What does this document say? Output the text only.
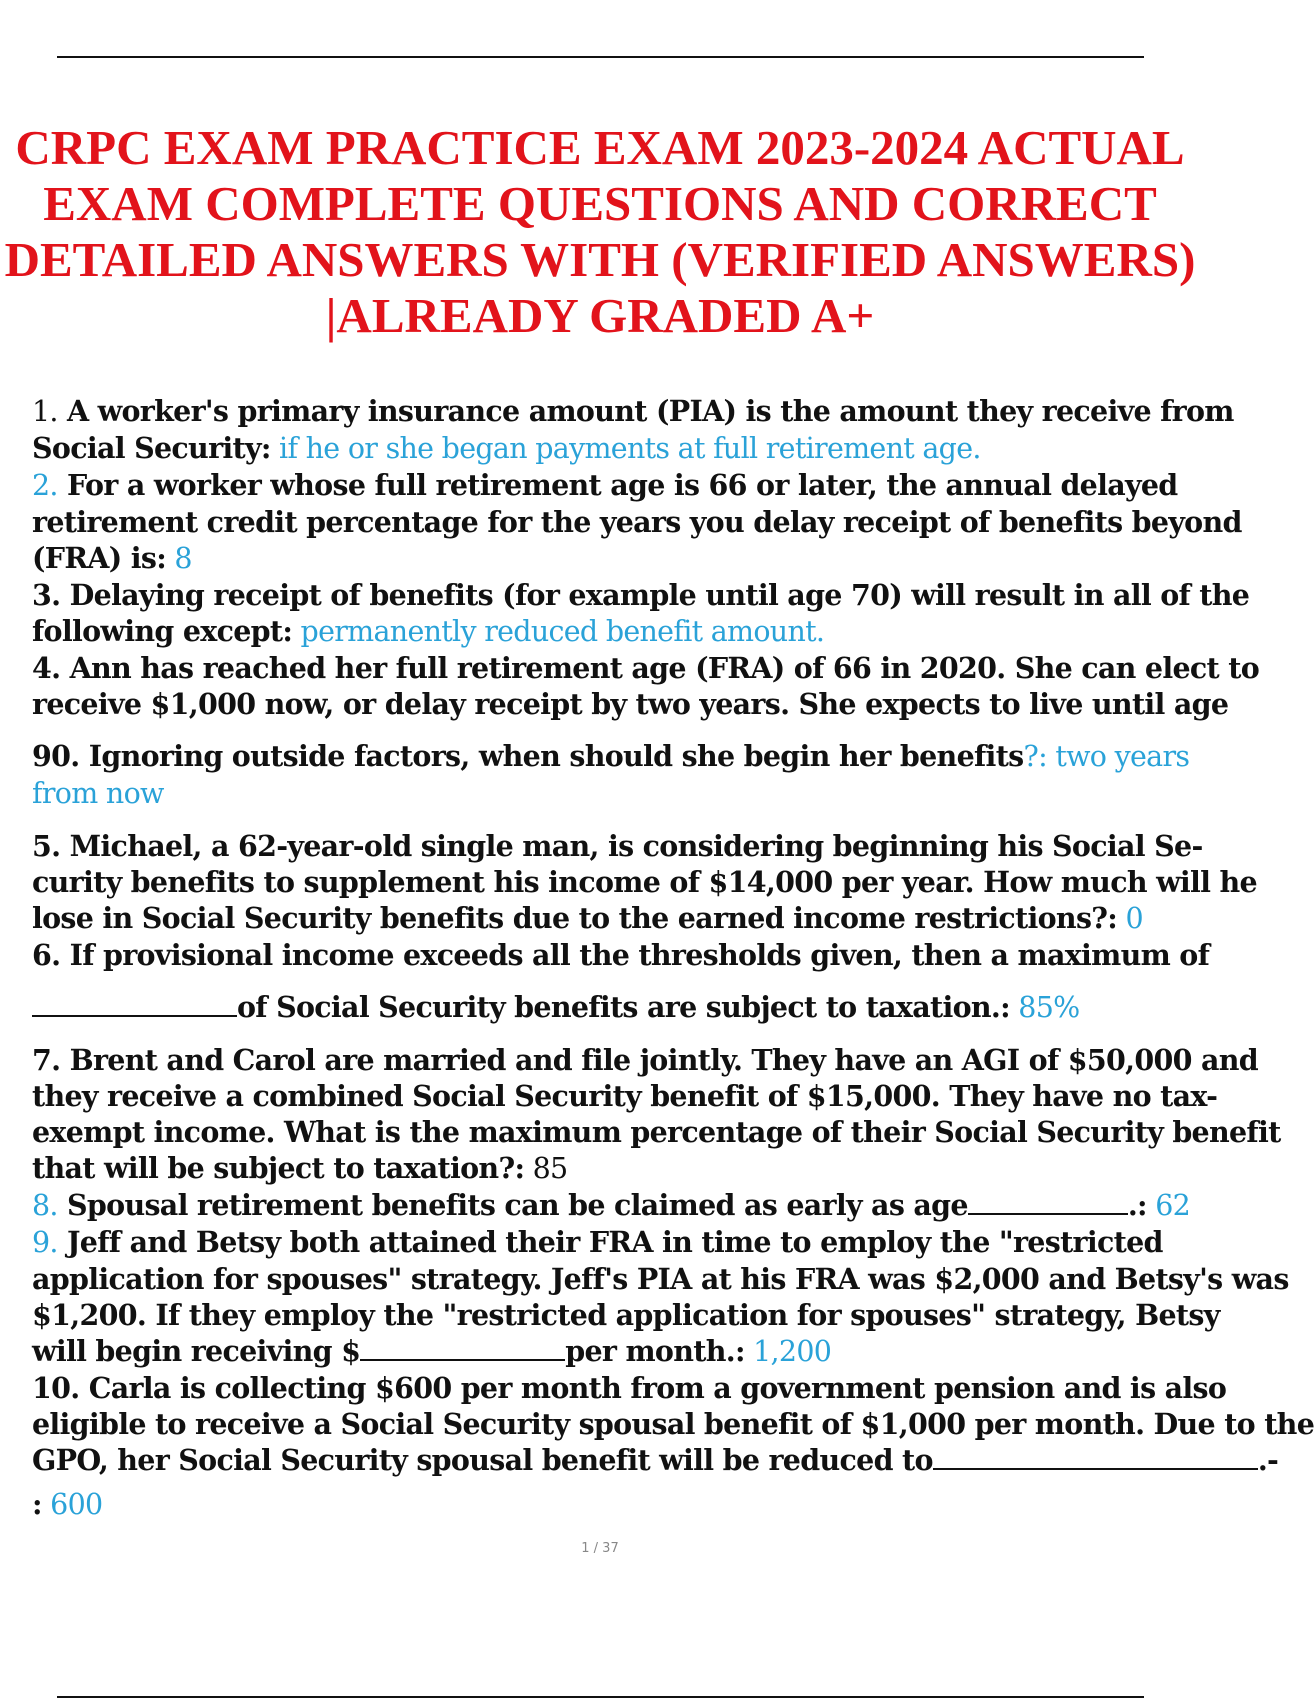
CRPC EXAM PRACTICE EXAM 2023-2024 ACTUAL
EXAM COMPLETE QUESTIONS AND CORRECT
DETAILED ANSWERS WITH (VERIFIED ANSWERS)
|ALREADY GRADED A+
1. A worker's primary insurance amount (PIA) is the amount they receive from
Social Security: if he or she began payments at full retirement age.
2. For a worker whose full retirement age is 66 or later, the annual delayed
retirement credit percentage for the years you delay receipt of benefits beyond
(FRA) is: 8
3. Delaying receipt of benefits (for example until age 70) will result in all of the
following except: permanently reduced benefit amount.
4. Ann has reached her full retirement age (FRA) of 66 in 2020. She can elect to
receive $1,000 now, or delay receipt by two years. She expects to live until age
90. Ignoring outside factors, when should she begin her benefits?: two years
from now
5. Michael, a 62-year-old single man, is considering beginning his Social Se-
curity benefits to supplement his income of $14,000 per year. How much will he
lose in Social Security benefits due to the earned income restrictions?: 0
6. If provisional income exceeds all the thresholds given, then a maximum of
of Social Security benefits are subject to taxation.: 85%
7. Brent and Carol are married and file jointly. They have an AGI of $50,000 and
they receive a combined Social Security benefit of $15,000. They have no tax-
exempt income. What is the maximum percentage of their Social Security benefit
that will be subject to taxation?: 85
8. Spousal retirement benefits can be claimed as early as age	.: 62
9. Jeff and Betsy both attained their FRA in time to employ the "restricted
application for spouses" strategy. Jeff's PIA at his FRA was $2,000 and Betsy's was
$1,200. If they employ the "restricted application for spouses" strategy, Betsy
will begin receiving $	per month.: 1,200
10. Carla is collecting $600 per month from a government pension and is also
eligible to receive a Social Security spousal benefit of $1,000 per month. Due to the
GPO, her Social Security spousal benefit will be reduced to	.-
: 600
1 / 37
